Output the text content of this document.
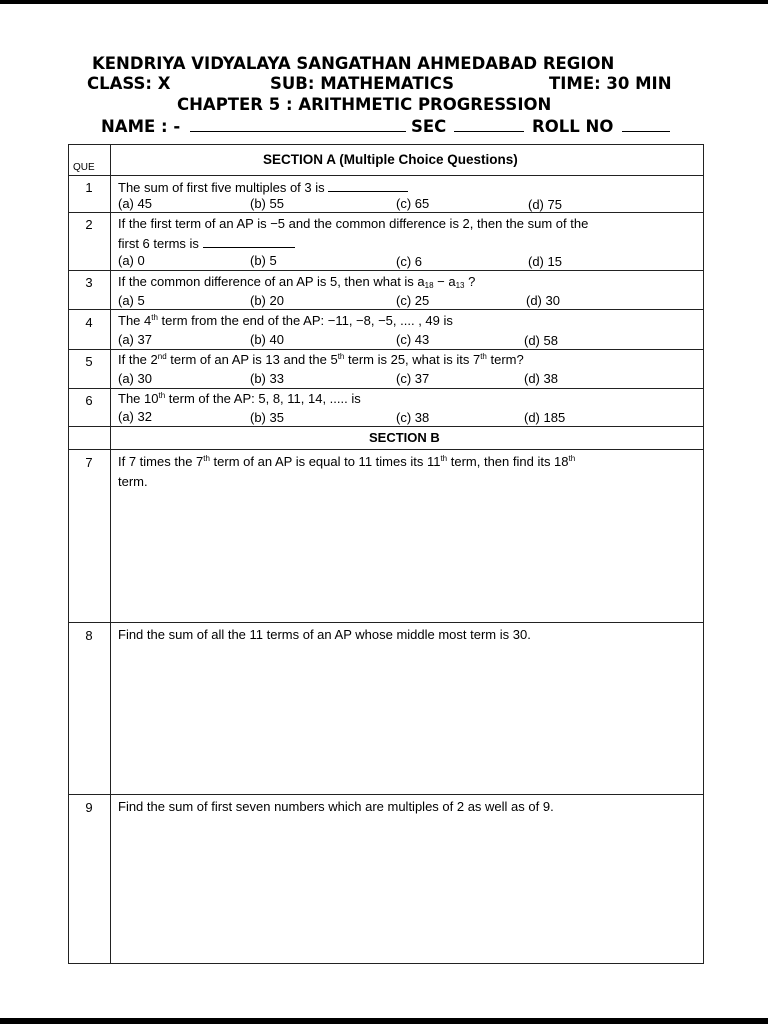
KENDRIYA VIDYALAYA SANGATHAN AHMEDABAD REGION
CLASS: X	SUB: MATHEMATICS	TIME: 30 MIN
CHAPTER 5 : ARITHMETIC PROGRESSION
NAME : -	SEC	ROLL NO
QUE
SECTION A (Multiple Choice Questions)
1	The sum of first five multiples of 3 is
(a) 45	(b) 55	(c) 65	(d) 75
2	If the first term of an AP is −5 and the common difference is 2, then the sum of the
first 6 terms is
(a) 0	(b) 5	(c) 6	(d) 15
3	If the common difference of an AP is 5, then what is $a_{18} - a_{13}$ ?
(a) 5	(b) 20	(c) 25	(d) 30
4	The 4th term from the end of the AP: −11, −8, −5, .... , 49 is
(a) 37	(b) 40	(c) 43	(d) 58
5	If the 2nd term of an AP is 13 and the 5th term is 25, what is its 7th term?
(a) 30	(b) 33	(c) 37	(d) 38
6	The 10th term of the AP: 5, 8, 11, 14, ..... is
(a) 32	(b) 35	(c) 38	(d) 185
SECTION B
7	If 7 times the 7th term of an AP is equal to 11 times its 11th term, then find its 18th
term.
8	Find the sum of all the 11 terms of an AP whose middle most term is 30.
9	Find the sum of first seven numbers which are multiples of 2 as well as of 9.
